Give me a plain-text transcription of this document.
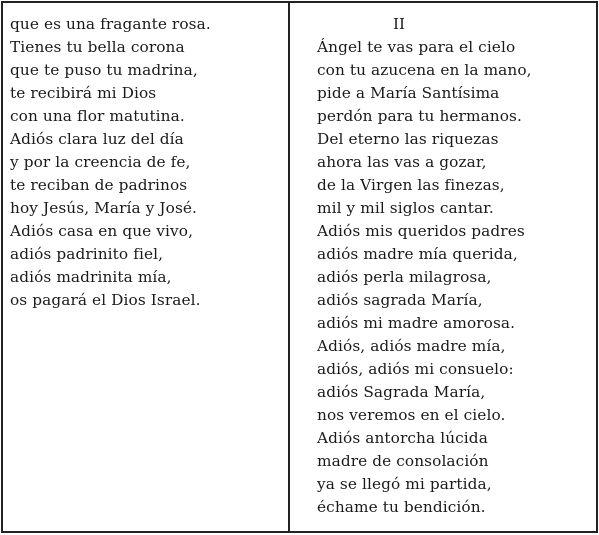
que es una fragante rosa.
Tienes tu bella corona
que te puso tu madrina,
te recibirá mi Dios
con una flor matutina.
Adiós clara luz del día
y por la creencia de fe,
te reciban de padrinos
hoy Jesús, María y José.
Adiós casa en que vivo,
adiós padrinito fiel,
adiós madrinita mía,
os pagará el Dios Israel.
II
Ángel te vas para el cielo
con tu azucena en la mano,
pide a María Santísima
perdón para tu hermanos.
Del eterno las riquezas
ahora las vas a gozar,
de la Virgen las finezas,
mil y mil siglos cantar.
Adiós mis queridos padres
adiós madre mía querida,
adiós perla milagrosa,
adiós sagrada María,
adiós mi madre amorosa.
Adiós, adiós madre mía,
adiós, adiós mi consuelo:
adiós Sagrada María,
nos veremos en el cielo.
Adiós antorcha lúcida
madre de consolación
ya se llegó mi partida,
échame tu bendición.
